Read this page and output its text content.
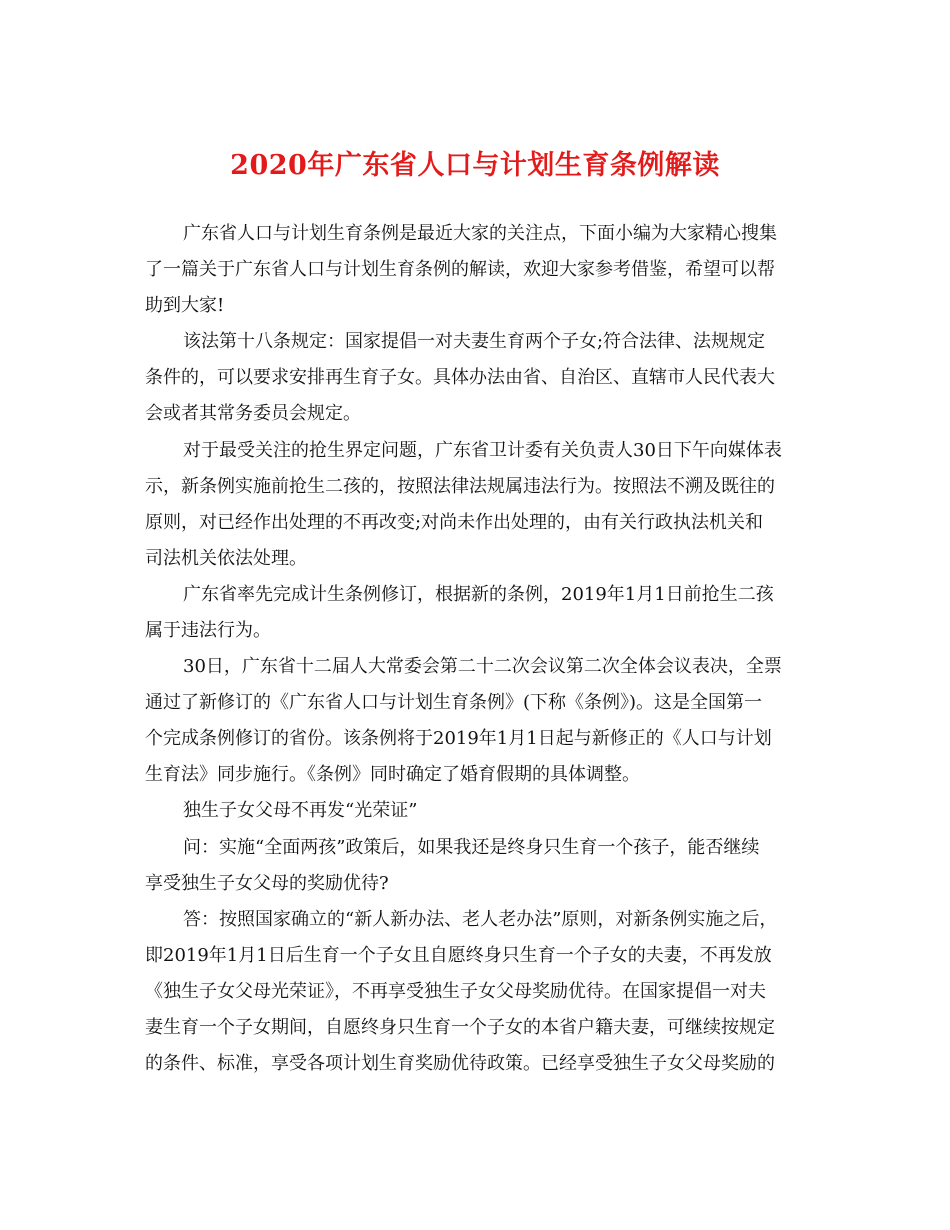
2020年广东省人口与计划生育条例解读
广东省人口与计划生育条例是最近大家的关注点，下面小编为大家精心搜集
了一篇关于广东省人口与计划生育条例的解读，欢迎大家参考借鉴，希望可以帮
助到大家!
该法第十八条规定：国家提倡一对夫妻生育两个子女;符合法律、法规规定
条件的，可以要求安排再生育子女。具体办法由省、自治区、直辖市人民代表大
会或者其常务委员会规定。
对于最受关注的抢生界定问题，广东省卫计委有关负责人30日下午向媒体表
示，新条例实施前抢生二孩的，按照法律法规属违法行为。按照法不溯及既往的
原则，对已经作出处理的不再改变;对尚未作出处理的，由有关行政执法机关和
司法机关依法处理。
广东省率先完成计生条例修订，根据新的条例，2019年1月1日前抢生二孩
属于违法行为。
30日，广东省十二届人大常委会第二十二次会议第二次全体会议表决，全票
通过了新修订的《广东省人口与计划生育条例》(下称《条例》)。这是全国第一
个完成条例修订的省份。该条例将于2019年1月1日起与新修正的《人口与计划
生育法》同步施行。《条例》同时确定了婚育假期的具体调整。
独生子女父母不再发“光荣证”
问：实施“全面两孩”政策后，如果我还是终身只生育一个孩子，能否继续
享受独生子女父母的奖励优待?
答：按照国家确立的“新人新办法、老人老办法”原则，对新条例实施之后，
即2019年1月1日后生育一个子女且自愿终身只生育一个子女的夫妻，不再发放
《独生子女父母光荣证》，不再享受独生子女父母奖励优待。在国家提倡一对夫
妻生育一个子女期间，自愿终身只生育一个子女的本省户籍夫妻，可继续按规定
的条件、标准，享受各项计划生育奖励优待政策。已经享受独生子女父母奖励的
